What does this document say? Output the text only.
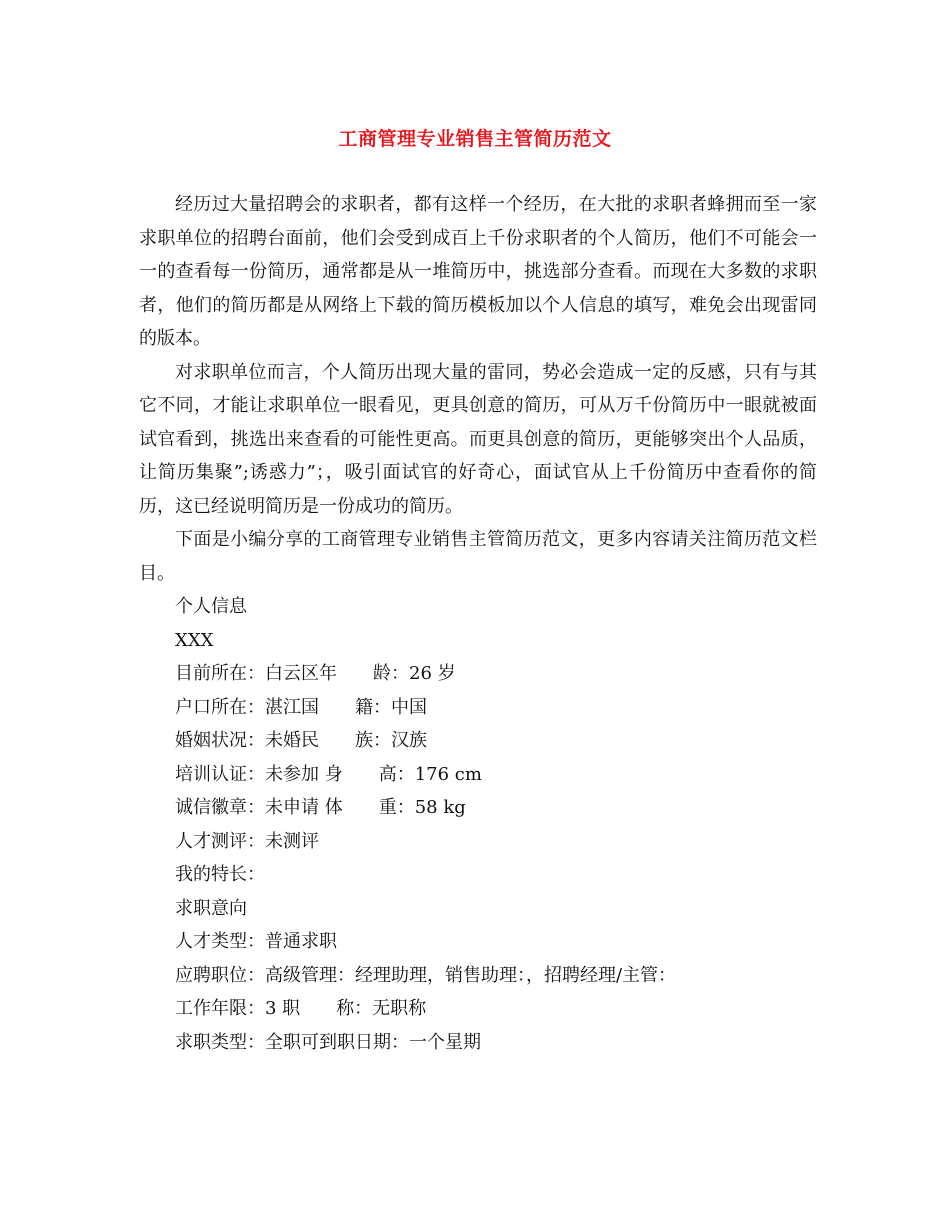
工商管理专业销售主管简历范文

经历过大量招聘会的求职者，都有这样一个经历，在大批的求职者蜂拥而至一家求职单位的招聘台面前，他们会受到成百上千份求职者的个人简历，他们不可能会一一的查看每一份简历，通常都是从一堆简历中，挑选部分查看。而现在大多数的求职者，他们的简历都是从网络上下载的简历模板加以个人信息的填写，难免会出现雷同的版本。

对求职单位而言，个人简历出现大量的雷同，势必会造成一定的反感，只有与其它不同，才能让求职单位一眼看见，更具创意的简历，可从万千份简历中一眼就被面试官看到，挑选出来查看的可能性更高。而更具创意的简历，更能够突出个人品质，让简历集聚”;诱惑力”；，吸引面试官的好奇心，面试官从上千份简历中查看你的简历，这已经说明简历是一份成功的简历。

下面是小编分享的工商管理专业销售主管简历范文，更多内容请关注简历范文栏目。

个人信息

XXX

目前所在：白云区年　　龄：26 岁

户口所在：湛江国　　籍：中国

婚姻状况：未婚民　　族：汉族

培训认证：未参加 身　　高：176 cm

诚信徽章：未申请 体　　重：58 kg

人才测评：未测评

我的特长：

求职意向

人才类型：普通求职

应聘职位：高级管理：经理助理，销售助理：，招聘经理/主管：

工作年限：3 职　　称：无职称

求职类型：全职可到职日期：一个星期
